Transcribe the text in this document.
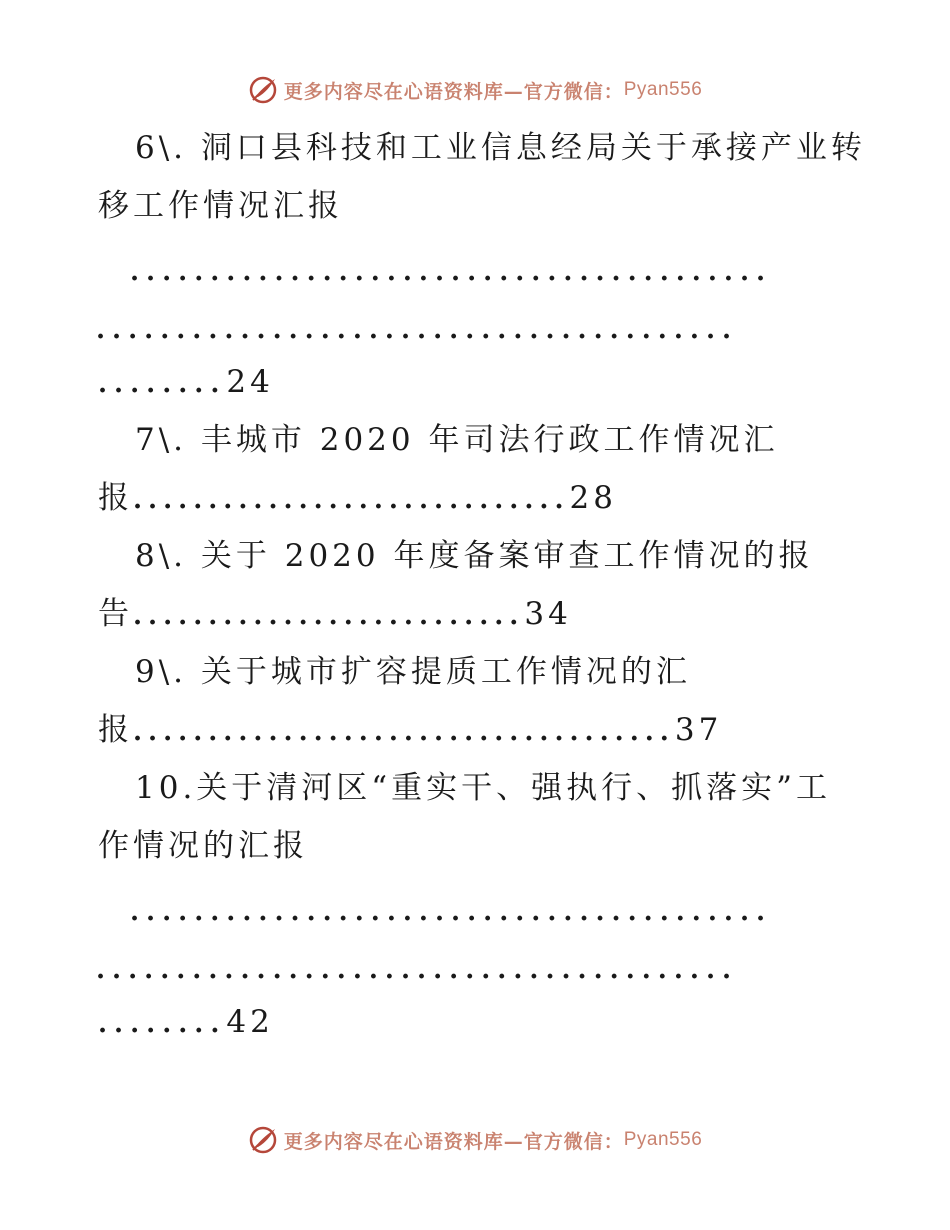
更多内容尽在心语资料库—官方微信： Pyan556
6\. 洞口县科技和工业信息经局关于承接产业转
移工作情况汇报
........................................
........................................
........24
7\. 丰城市 2020 年司法行政工作情况汇
报.............................28
8\. 关于 2020 年度备案审查工作情况的报
告..........................34
9\. 关于城市扩容提质工作情况的汇
报....................................37
10.关于清河区“重实干、强执行、抓落实”工
作情况的汇报
........................................
........................................
........42
更多内容尽在心语资料库—官方微信： Pyan556
